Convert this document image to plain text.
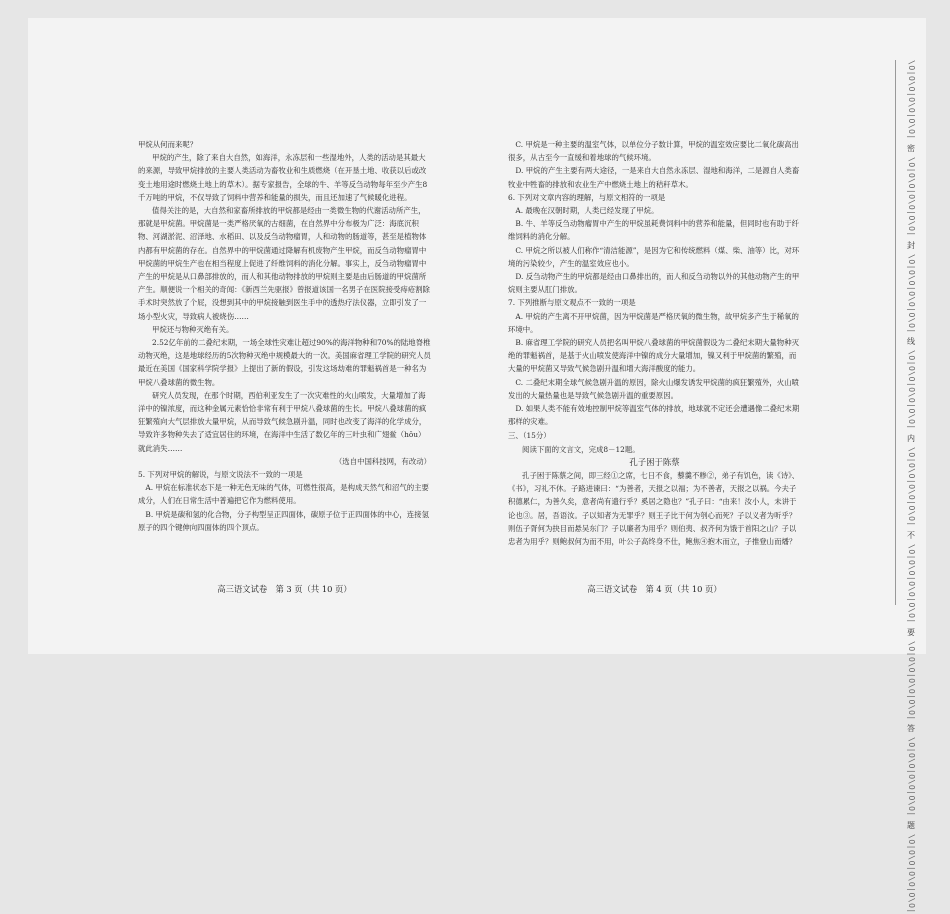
甲烷从何而来呢？

甲烷的产生，除了来自大自然，如海洋，永冻层和一些湿地外，人类的活动是其最大的来源，导致甲烷排放的主要人类活动为畜牧业和生质燃烧（在开垦土地、收获以后或改变土地用途时燃烧土地上的草木）。据专家报告，全球的牛、羊等反刍动物每年至少产生8千万吨的甲烷，不仅导致了饲料中营养和能量的损失，而且还加速了气候暖化进程。

值得关注的是，大自然和家畜所排放的甲烷都是经由一类微生物的代谢活动所产生，那就是甲烷菌。甲烷菌是一类严格厌氧的古细菌，在自然界中分布极为广泛：海底沉积物、河湖淤泥、沼泽地、水稻田、以及反刍动物瘤胃，人和动物的肠道等，甚至是植物体内都有甲烷菌的存在。自然界中的甲烷菌通过降解有机废物产生甲烷，而反刍动物瘤胃中甲烷菌的甲烷生产也在相当程度上促进了纤维饲料的消化分解。事实上，反刍动物瘤胃中产生的甲烷是从口鼻部排放的，而人和其他动物排放的甲烷则主要是由后肠道的甲烷菌所产生。顺便说一个相关的奇闻：《新西兰先驱报》曾报道该国一名男子在医院接受痔疮割除手术时突然放了个屁，没想到其中的甲烷接触到医生手中的透热疗法仪器，立即引发了一场小型火灾，导致病人被烧伤……

甲烷还与物种灭绝有关。

2.52亿年前的二叠纪末期，一场全球性灾难让超过90%的海洋物种和70%的陆地脊椎动物灭绝，这是地球经历的5次物种灭绝中规模最大的一次。美国麻省理工学院的研究人员最近在美国《国家科学院学报》上提出了新的假设，引发这场劫难的罪魁祸首是一种名为甲烷八叠球菌的微生物。

研究人员发现，在那个时期，西伯利亚发生了一次灾难性的火山喷发，大量增加了海洋中的镍浓度，而这种金属元素恰恰非常有利于甲烷八叠球菌的生长。甲烷八叠球菌的疯狂繁殖向大气层排放大量甲烷，从而导致气候急剧升温，同时也改变了海洋的化学成分，导致许多物种失去了适宜居住的环境，在海洋中生活了数亿年的三叶虫和广翅鲎（hǒu）就此消失……

（选自中国科技网，有改动）

5. 下列对甲烷的解说，与原文说法不一致的一项是

A. 甲烷在标准状态下是一种无色无味的气体，可燃性很高，是构成天然气和沼气的主要成分，人们在日常生活中普遍把它作为燃料使用。

B. 甲烷是碳和氢的化合物，分子构型呈正四面体，碳原子位于正四面体的中心，连接氢原子的四个键伸向四面体的四个顶点。

C. 甲烷是一种主要的温室气体，以单位分子数计算，甲烷的温室效应要比二氧化碳高出很多，从古至今一直缓和着地球的气候环境。

D. 甲烷的产生主要有两大途径，一是来自大自然永冻层、湿地和海洋，二是源自人类畜牧业中牲畜的排放和农业生产中燃烧土地上的秸秆草木。

6. 下列对文章内容的理解，与原文相符的一项是

A. 最晚在汉朝时期，人类已经发现了甲烷。

B. 牛、羊等反刍动物瘤胃中产生的甲烷虽耗费饲料中的营养和能量，但同时也有助于纤维饲料的消化分解。

C. 甲烷之所以被人们称作“清洁能源”，是因为它和传统燃料（煤、柴、油等）比，对环境的污染较少，产生的温室效应也小。

D. 反刍动物产生的甲烷都是经由口鼻排出的，而人和反刍动物以外的其他动物产生的甲烷则主要从肛门排放。

7. 下列推断与原文观点不一致的一项是

A. 甲烷的产生离不开甲烷菌，因为甲烷菌是严格厌氧的微生物，故甲烷多产生于稀氧的环境中。

B. 麻省理工学院的研究人员把名叫甲烷八叠球菌的甲烷菌假设为二叠纪末期大量物种灭绝的罪魁祸首，是基于火山喷发使海洋中镍的成分大量增加，镍又利于甲烷菌的繁殖，而大量的甲烷菌又导致气候急剧升温和增大海洋酸度的能力。

C. 二叠纪末期全球气候急剧升温的原因，除火山爆发诱发甲烷菌的疯狂繁殖外，火山喷发出的大量热量也是导致气候急剧升温的重要原因。

D. 如果人类不能有效地控制甲烷等温室气体的排放，地球就不定还会遭遇像二叠纪末期那样的灾难。

三、（15分）

阅读下面的文言文，完成8－12题。

孔子困于陈蔡

孔子困于陈蔡之间，即三经①之席，七日不食，藜羹不糁②，弟子有饥色，读《诗》、《书》，习礼不休。子路进谏曰：“为善者，天报之以福；为不善者，天报之以祸。今夫子积德累仁，为善久矣，意者尚有遗行乎？奚居之隐也？”孔子曰：“由来！汝小人，未讲于论也③。居，吾语汝。子以知者为无罪乎？则王子比干何为刳心而死？子以义者为听乎？则伍子胥何为抉目而悬吴东门？子以廉者为用乎？则伯夷、叔齐何为饿于首阳之山？子以忠者为用乎？则鲍叔何为而不用，叶公子高终身不仕，鲍焦④抱木而立，子推登山而燔？

高三语文试卷　第 3 页（共 10 页）	高三语文试卷　第 4 页（共 10 页）
\O|O\O|O\O|O\O|
密
\O|O\O|O\O|O\O|
封
\O|O\O|O\O|O\O|
线
\O|O\O|O\O|O\O|
内
\O|O\O|O\O|O\O|
不
\O|O\O|O\O|O\O|
要
\O|O\O|O\O|O\O|
答
\O|O\O|O\O|O\O|
题
\O|O\O|O\O|O\O|
